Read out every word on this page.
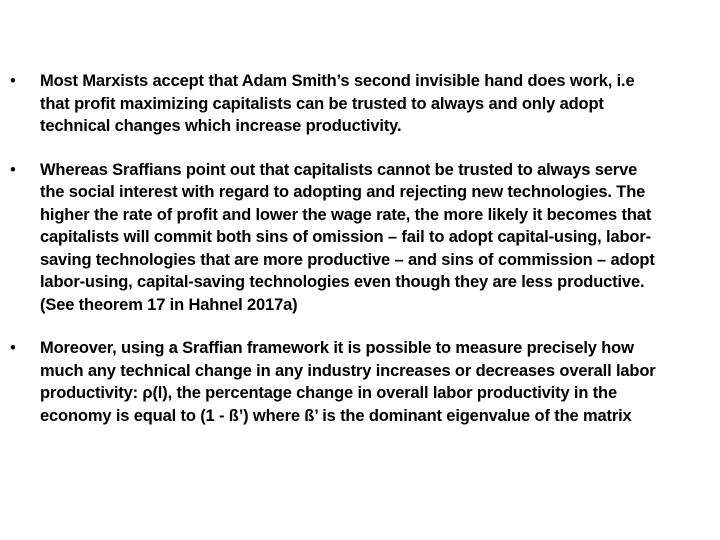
• Most Marxists accept that Adam Smith’s second invisible hand does work, i.e
that profit maximizing capitalists can be trusted to always and only adopt
technical changes which increase productivity.
• Whereas Sraffians point out that capitalists cannot be trusted to always serve
the social interest with regard to adopting and rejecting new technologies. The
higher the rate of profit and lower the wage rate, the more likely it becomes that
capitalists will commit both sins of omission – fail to adopt capital-using, labor-
saving technologies that are more productive – and sins of commission – adopt
labor-using, capital-saving technologies even though they are less productive.
(See theorem 17 in Hahnel 2017a)
• Moreover, using a Sraffian framework it is possible to measure precisely how
much any technical change in any industry increases or decreases overall labor
productivity: ρ(l), the percentage change in overall labor productivity in the
economy is equal to (1 - ß’) where ß’ is the dominant eigenvalue of the matrix
